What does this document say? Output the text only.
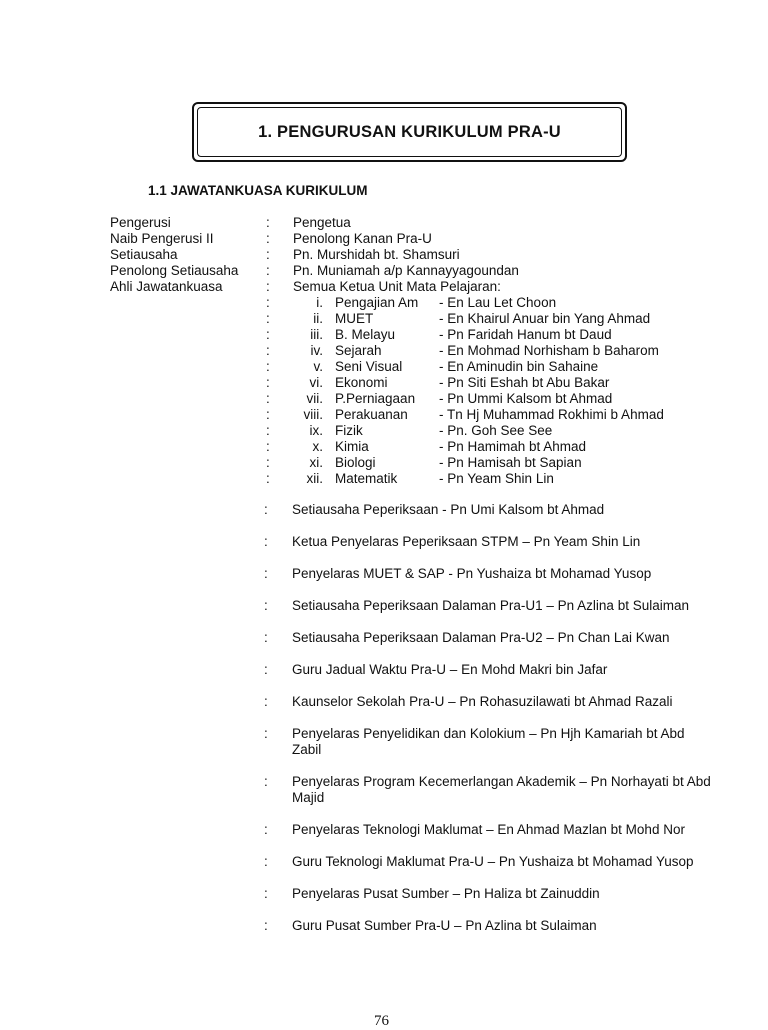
1. PENGURUSAN KURIKULUM PRA-U
1.1 JAWATANKUASA KURIKULUM
Pengerusi	:	Pengetua
Naib Pengerusi II	:	Penolong Kanan Pra-U
Setiausaha	:	Pn. Murshidah bt. Shamsuri
Penolong Setiausaha	:	Pn. Muniamah a/p Kannayyagoundan
Ahli Jawatankuasa	:	Semua Ketua Unit Mata Pelajaran:
:	i. Pengajian Am	- En Lau Let Choon
:	ii. MUET	- En Khairul Anuar bin Yang Ahmad
:	iii. B. Melayu	- Pn Faridah Hanum bt Daud
:	iv. Sejarah	- En Mohmad Norhisham b Baharom
:	v. Seni Visual	- En Aminudin bin Sahaine
:	vi. Ekonomi	- Pn Siti Eshah bt Abu Bakar
:	vii. P.Perniagaan	- Pn Ummi Kalsom bt Ahmad
:	viii. Perakuanan	- Tn Hj Muhammad Rokhimi b Ahmad
:	ix. Fizik	- Pn. Goh See See
:	x. Kimia	- Pn Hamimah bt Ahmad
:	xi. Biologi	- Pn Hamisah bt Sapian
:	xii. Matematik	- Pn Yeam Shin Lin
:	Setiausaha Peperiksaan - Pn Umi Kalsom bt Ahmad
:	Ketua Penyelaras Peperiksaan STPM – Pn Yeam Shin Lin
:	Penyelaras MUET & SAP - Pn Yushaiza bt Mohamad Yusop
:	Setiausaha Peperiksaan Dalaman Pra-U1 – Pn Azlina bt Sulaiman
:	Setiausaha Peperiksaan Dalaman Pra-U2 – Pn Chan Lai Kwan
:	Guru Jadual Waktu Pra-U – En Mohd Makri bin Jafar
:	Kaunselor Sekolah Pra-U – Pn Rohasuzilawati bt Ahmad Razali
:	Penyelaras Penyelidikan dan Kolokium – Pn Hjh Kamariah bt Abd Zabil
:	Penyelaras Program Kecemerlangan Akademik – Pn Norhayati bt Abd Majid
:	Penyelaras Teknologi Maklumat – En Ahmad Mazlan bt Mohd Nor
:	Guru Teknologi Maklumat Pra-U – Pn Yushaiza bt Mohamad Yusop
:	Penyelaras Pusat Sumber – Pn Haliza bt Zainuddin
:	Guru Pusat Sumber Pra-U – Pn Azlina bt Sulaiman
76
